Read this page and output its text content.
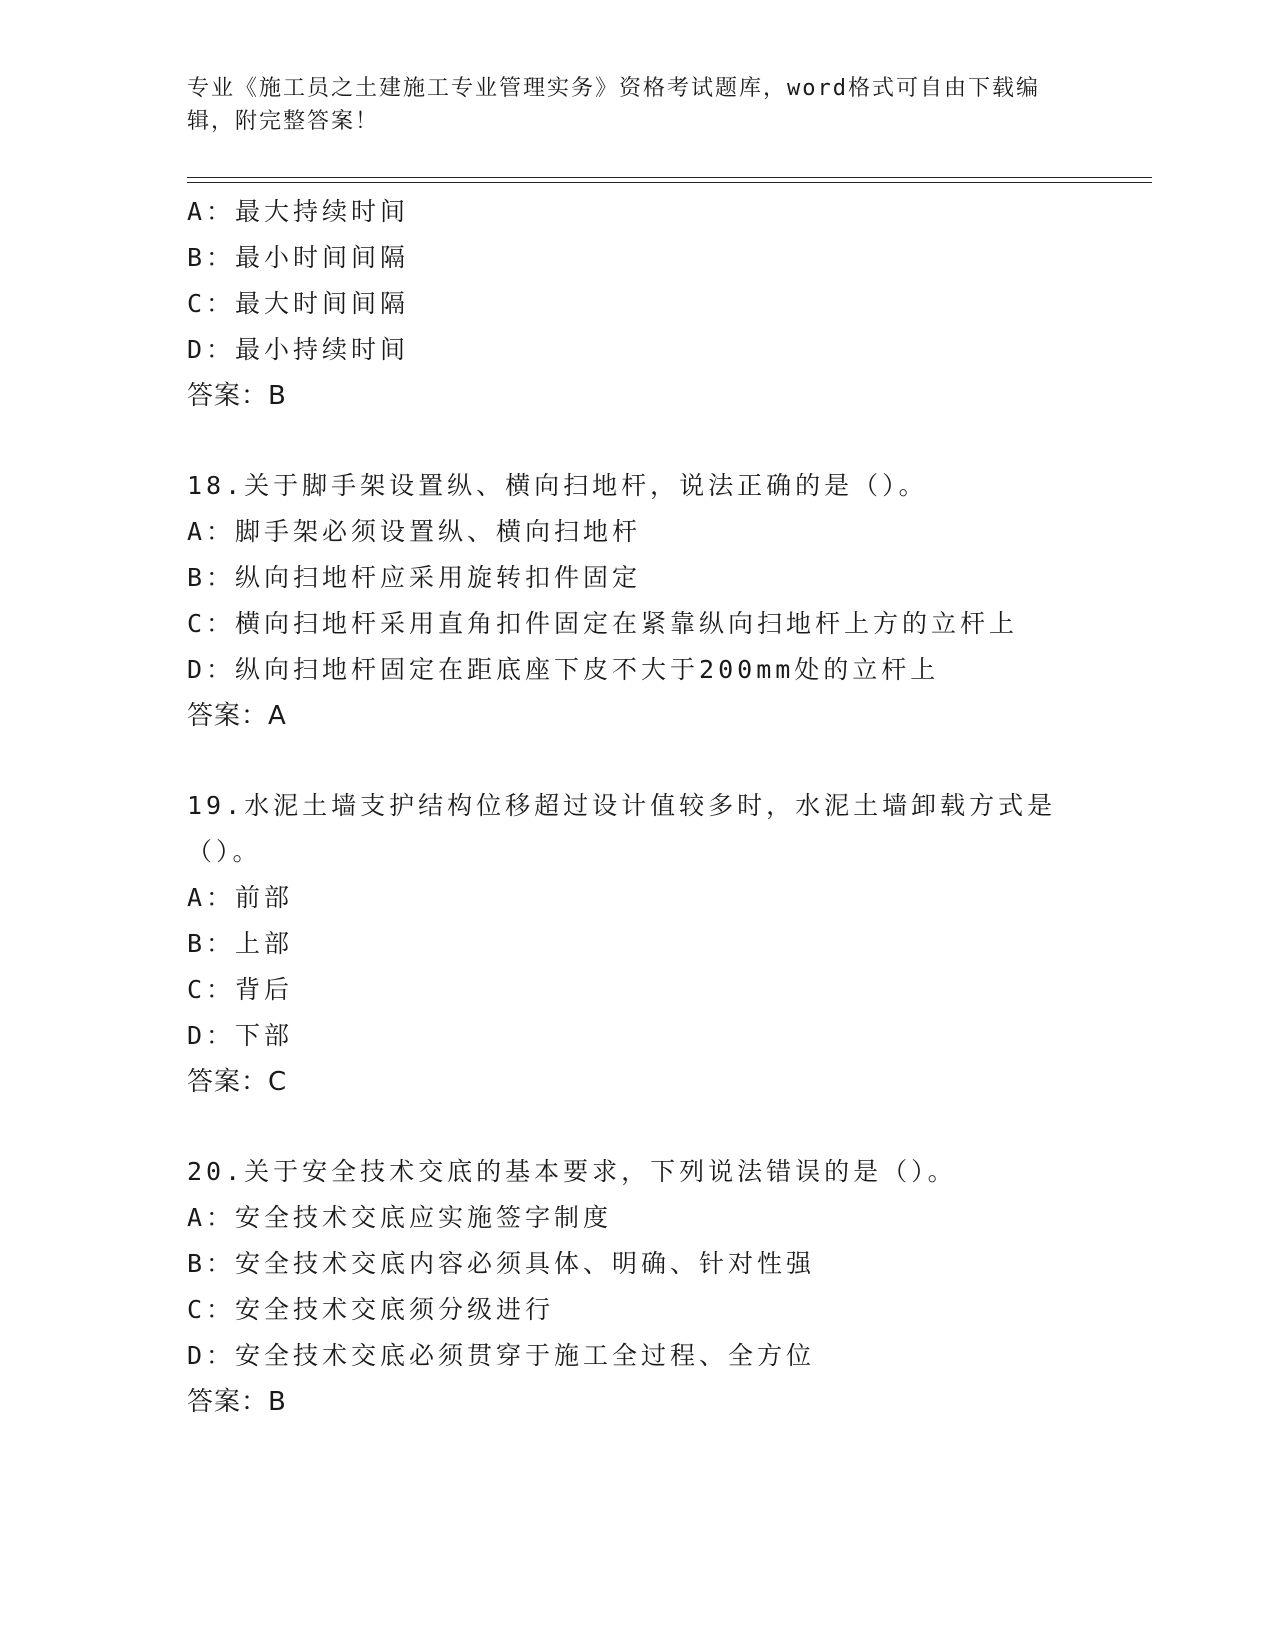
专业《施工员之土建施工专业管理实务》资格考试题库，word格式可自由下载编辑，附完整答案！
A：最大持续时间
B：最小时间间隔
C：最大时间间隔
D：最小持续时间
答案：B
18.关于脚手架设置纵、横向扫地杆，说法正确的是（）。
A：脚手架必须设置纵、横向扫地杆
B：纵向扫地杆应采用旋转扣件固定
C：横向扫地杆采用直角扣件固定在紧靠纵向扫地杆上方的立杆上
D：纵向扫地杆固定在距底座下皮不大于200mm处的立杆上
答案：A
19.水泥土墙支护结构位移超过设计值较多时，水泥土墙卸载方式是（）。
A：前部
B：上部
C：背后
D：下部
答案：C
20.关于安全技术交底的基本要求，下列说法错误的是（）。
A：安全技术交底应实施签字制度
B：安全技术交底内容必须具体、明确、针对性强
C：安全技术交底须分级进行
D：安全技术交底必须贯穿于施工全过程、全方位
答案：B
